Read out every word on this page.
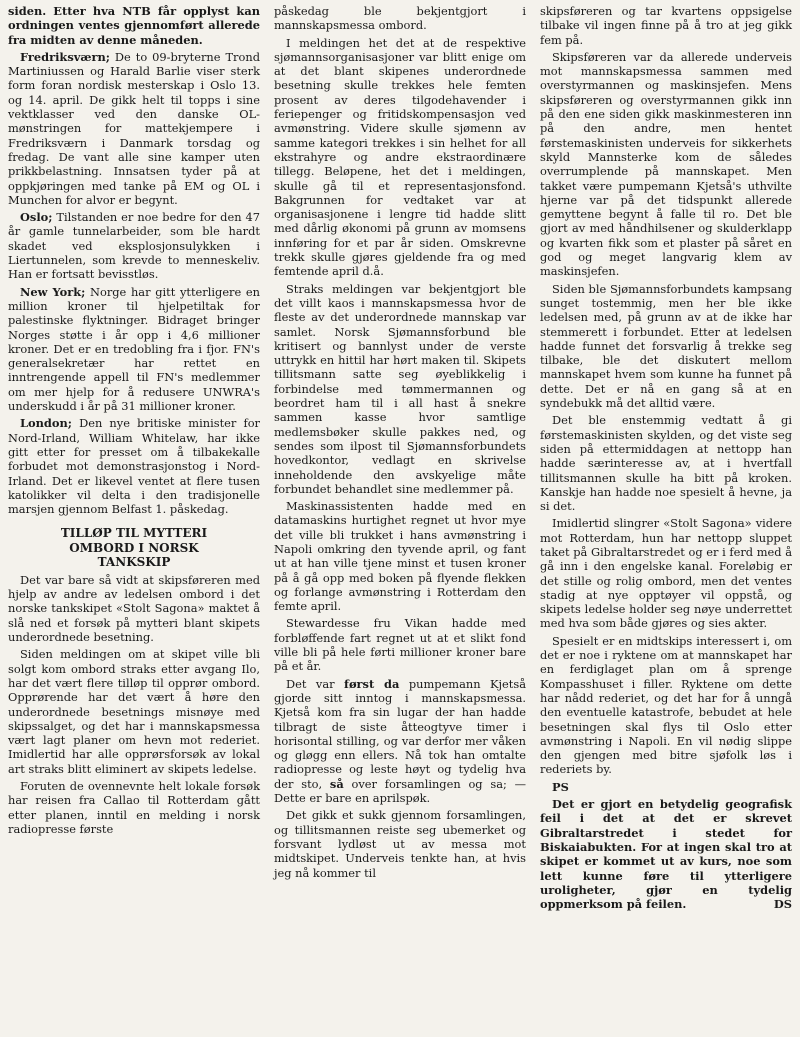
siden. Etter hva NTB får opplyst kan ordningen ventes gjennomført allerede fra midten av denne måneden.

Fredriksværn; De to 09-bryterne Trond Martiniussen og Harald Barlie viser sterk form foran nordisk mesterskap i Oslo 13. og 14. april. De gikk helt til topps i sine vektklasser ved den danske OL-mønstringen for mattekjempere i Fredriksværn i Danmark torsdag og fredag. De vant alle sine kamper uten prikkbelastning. Innsatsen tyder på at oppkjøringen med tanke på EM og OL i Munchen for alvor er begynt.

Oslo; Tilstanden er noe bedre for den 47 år gamle tunnelarbeider, som ble hardt skadet ved eksplosjonsulykken i Liertunnelen, som krevde to menneskeliv. Han er fortsatt bevisstløs.

New York; Norge har gitt ytterligere en million kroner til hjelpetiltak for palestinske flyktninger. Bidraget bringer Norges støtte i år opp i 4,6 millioner kroner. Det er en tredobling fra i fjor. FN's generalsekretær har rettet en inntrengende appell til FN's medlemmer om mer hjelp for å redusere UNWRA's underskudd i år på 31 millioner kroner.

London; Den nye britiske minister for Nord-Irland, William Whitelaw, har ikke gitt etter for presset om å tilbakekalle forbudet mot demonstrasjonstog i Nord-Irland. Det er likevel ventet at flere tusen katolikker vil delta i den tradisjonelle marsjen gjennom Belfast 1. påskedag.

TILLØP TIL MYTTERI
OMBORD I NORSK
TANKSKIP

Det var bare så vidt at skipsføreren med hjelp av andre av ledelsen ombord i det norske tankskipet «Stolt Sagona» maktet å slå ned et forsøk på mytteri blant skipets underordnede besetning.

Siden meldingen om at skipet ville bli solgt kom ombord straks etter avgang Ilo, har det vært flere tilløp til opprør ombord. Opprørende har det vært å høre den underordnede besetnings misnøye med skipssalget, og det har i mannskapsmessa vært lagt planer om hevn mot rederiet. Imidlertid har alle opprørsforsøk av lokal art straks blitt eliminert av skipets ledelse.

Foruten de ovennevnte helt lokale forsøk har reisen fra Callao til Rotterdam gått etter planen, inntil en melding i norsk radiopresse første

påskedag ble bekjentgjort i mannskapsmessa ombord.

I meldingen het det at de respektive sjømannsorganisasjoner var blitt enige om at det blant skipenes underordnede besetning skulle trekkes hele femten prosent av deres tilgodehavender i feriepenger og fritidskompensasjon ved avmønstring. Videre skulle sjømenn av samme kategori trekkes i sin helhet for all ekstrahyre og andre ekstraordinære tillegg. Beløpene, het det i meldingen, skulle gå til et representasjonsfond. Bakgrunnen for vedtaket var at organisasjonene i lengre tid hadde slitt med dårlig økonomi på grunn av momsens innføring for et par år siden. Omskrevne trekk skulle gjøres gjeldende fra og med femtende april d.å.

Straks meldingen var bekjentgjort ble det villt kaos i mannskapsmessa hvor de fleste av det underordnede mannskap var samlet. Norsk Sjømannsforbund ble kritisert og bannlyst under de verste uttrykk en hittil har hørt maken til. Skipets tillitsmann satte seg øyeblikkelig i forbindelse med tømmermannen og beordret ham til i all hast å snekre sammen kasse hvor samtlige medlemsbøker skulle pakkes ned, og sendes som ilpost til Sjømannsforbundets hovedkontor, vedlagt en skrivelse inneholdende den avskyelige måte forbundet behandlet sine medlemmer på.

Maskinassistenten hadde med en datamaskins hurtighet regnet ut hvor mye det ville bli trukket i hans avmønstring i Napoli omkring den tyvende april, og fant ut at han ville tjene minst et tusen kroner på å gå opp med boken på flyende flekken og forlange avmønstring i Rotterdam den femte april.

Stewardesse fru Vikan hadde med forbløffende fart regnet ut at et slikt fond ville bli på hele førti millioner kroner bare på et år.

Det var først da pumpemann Kjetså gjorde sitt inntog i mannskapsmessa. Kjetså kom fra sin lugar der han hadde tilbragt de siste åtteogtyve timer i horisontal stilling, og var derfor mer våken og gløgg enn ellers. Nå tok han omtalte radiopresse og leste høyt og tydelig hva der sto, så over forsamlingen og sa; — Dette er bare en aprilspøk.

Det gikk et sukk gjennom forsamlingen, og tillitsmannen reiste seg ubemerket og forsvant lydløst ut av messa mot midtskipet. Underveis tenkte han, at hvis jeg nå kommer til

skipsføreren og tar kvartens oppsigelse tilbake vil ingen finne på å tro at jeg gikk fem på.

Skipsføreren var da allerede underveis mot mannskapsmessa sammen med overstyrmannen og maskinsjefen. Mens skipsføreren og overstyrmannen gikk inn på den ene siden gikk maskinmesteren inn på den andre, men hentet førstemaskinisten underveis for sikkerhets skyld Mannsterke kom de således overrumplende på mannskapet. Men takket være pumpemann Kjetså's uthvilte hjerne var på det tidspunkt allerede gemyttene begynt å falle til ro. Det ble gjort av med håndhilsener og skulderklapp og kvarten fikk som et plaster på såret en god og meget langvarig klem av maskinsjefen.

Siden ble Sjømannsforbundets kampsang sunget tostemmig, men her ble ikke ledelsen med, på grunn av at de ikke har stemmerett i forbundet. Etter at ledelsen hadde funnet det forsvarlig å trekke seg tilbake, ble det diskutert mellom mannskapet hvem som kunne ha funnet på dette. Det er nå en gang så at en syndebukk må det alltid være.

Det ble enstemmig vedtatt å gi førstemaskinisten skylden, og det viste seg siden på ettermiddagen at nettopp han hadde særinteresse av, at i hvertfall tillitsmannen skulle ha bitt på kroken. Kanskje han hadde noe spesielt å hevne, ja si det.

Imidlertid slingrer «Stolt Sagona» videre mot Rotterdam, hun har nettopp sluppet taket på Gibraltarstredet og er i ferd med å gå inn i den engelske kanal. Foreløbig er det stille og rolig ombord, men det ventes stadig at nye opptøyer vil oppstå, og skipets ledelse holder seg nøye underrettet med hva som både gjøres og sies akter.

Spesielt er en midtskips interessert i, om det er noe i ryktene om at mannskapet har en ferdiglaget plan om å sprenge Kompasshuset i filler. Ryktene om dette har nådd rederiet, og det har for å unngå den eventuelle katastrofe, bebudet at hele besetningen skal flys til Oslo etter avmønstring i Napoli. En vil nødig slippe den gjengen med bitre sjøfolk løs i rederiets by.

PS

Det er gjort en betydelig geografisk feil i det at det er skrevet Gibraltarstredet i stedet for Biskaiabukten. For at ingen skal tro at skipet er kommet ut av kurs, noe som lett kunne føre til ytterligere uroligheter, gjør en tydelig oppmerksom på feilen.	DS
